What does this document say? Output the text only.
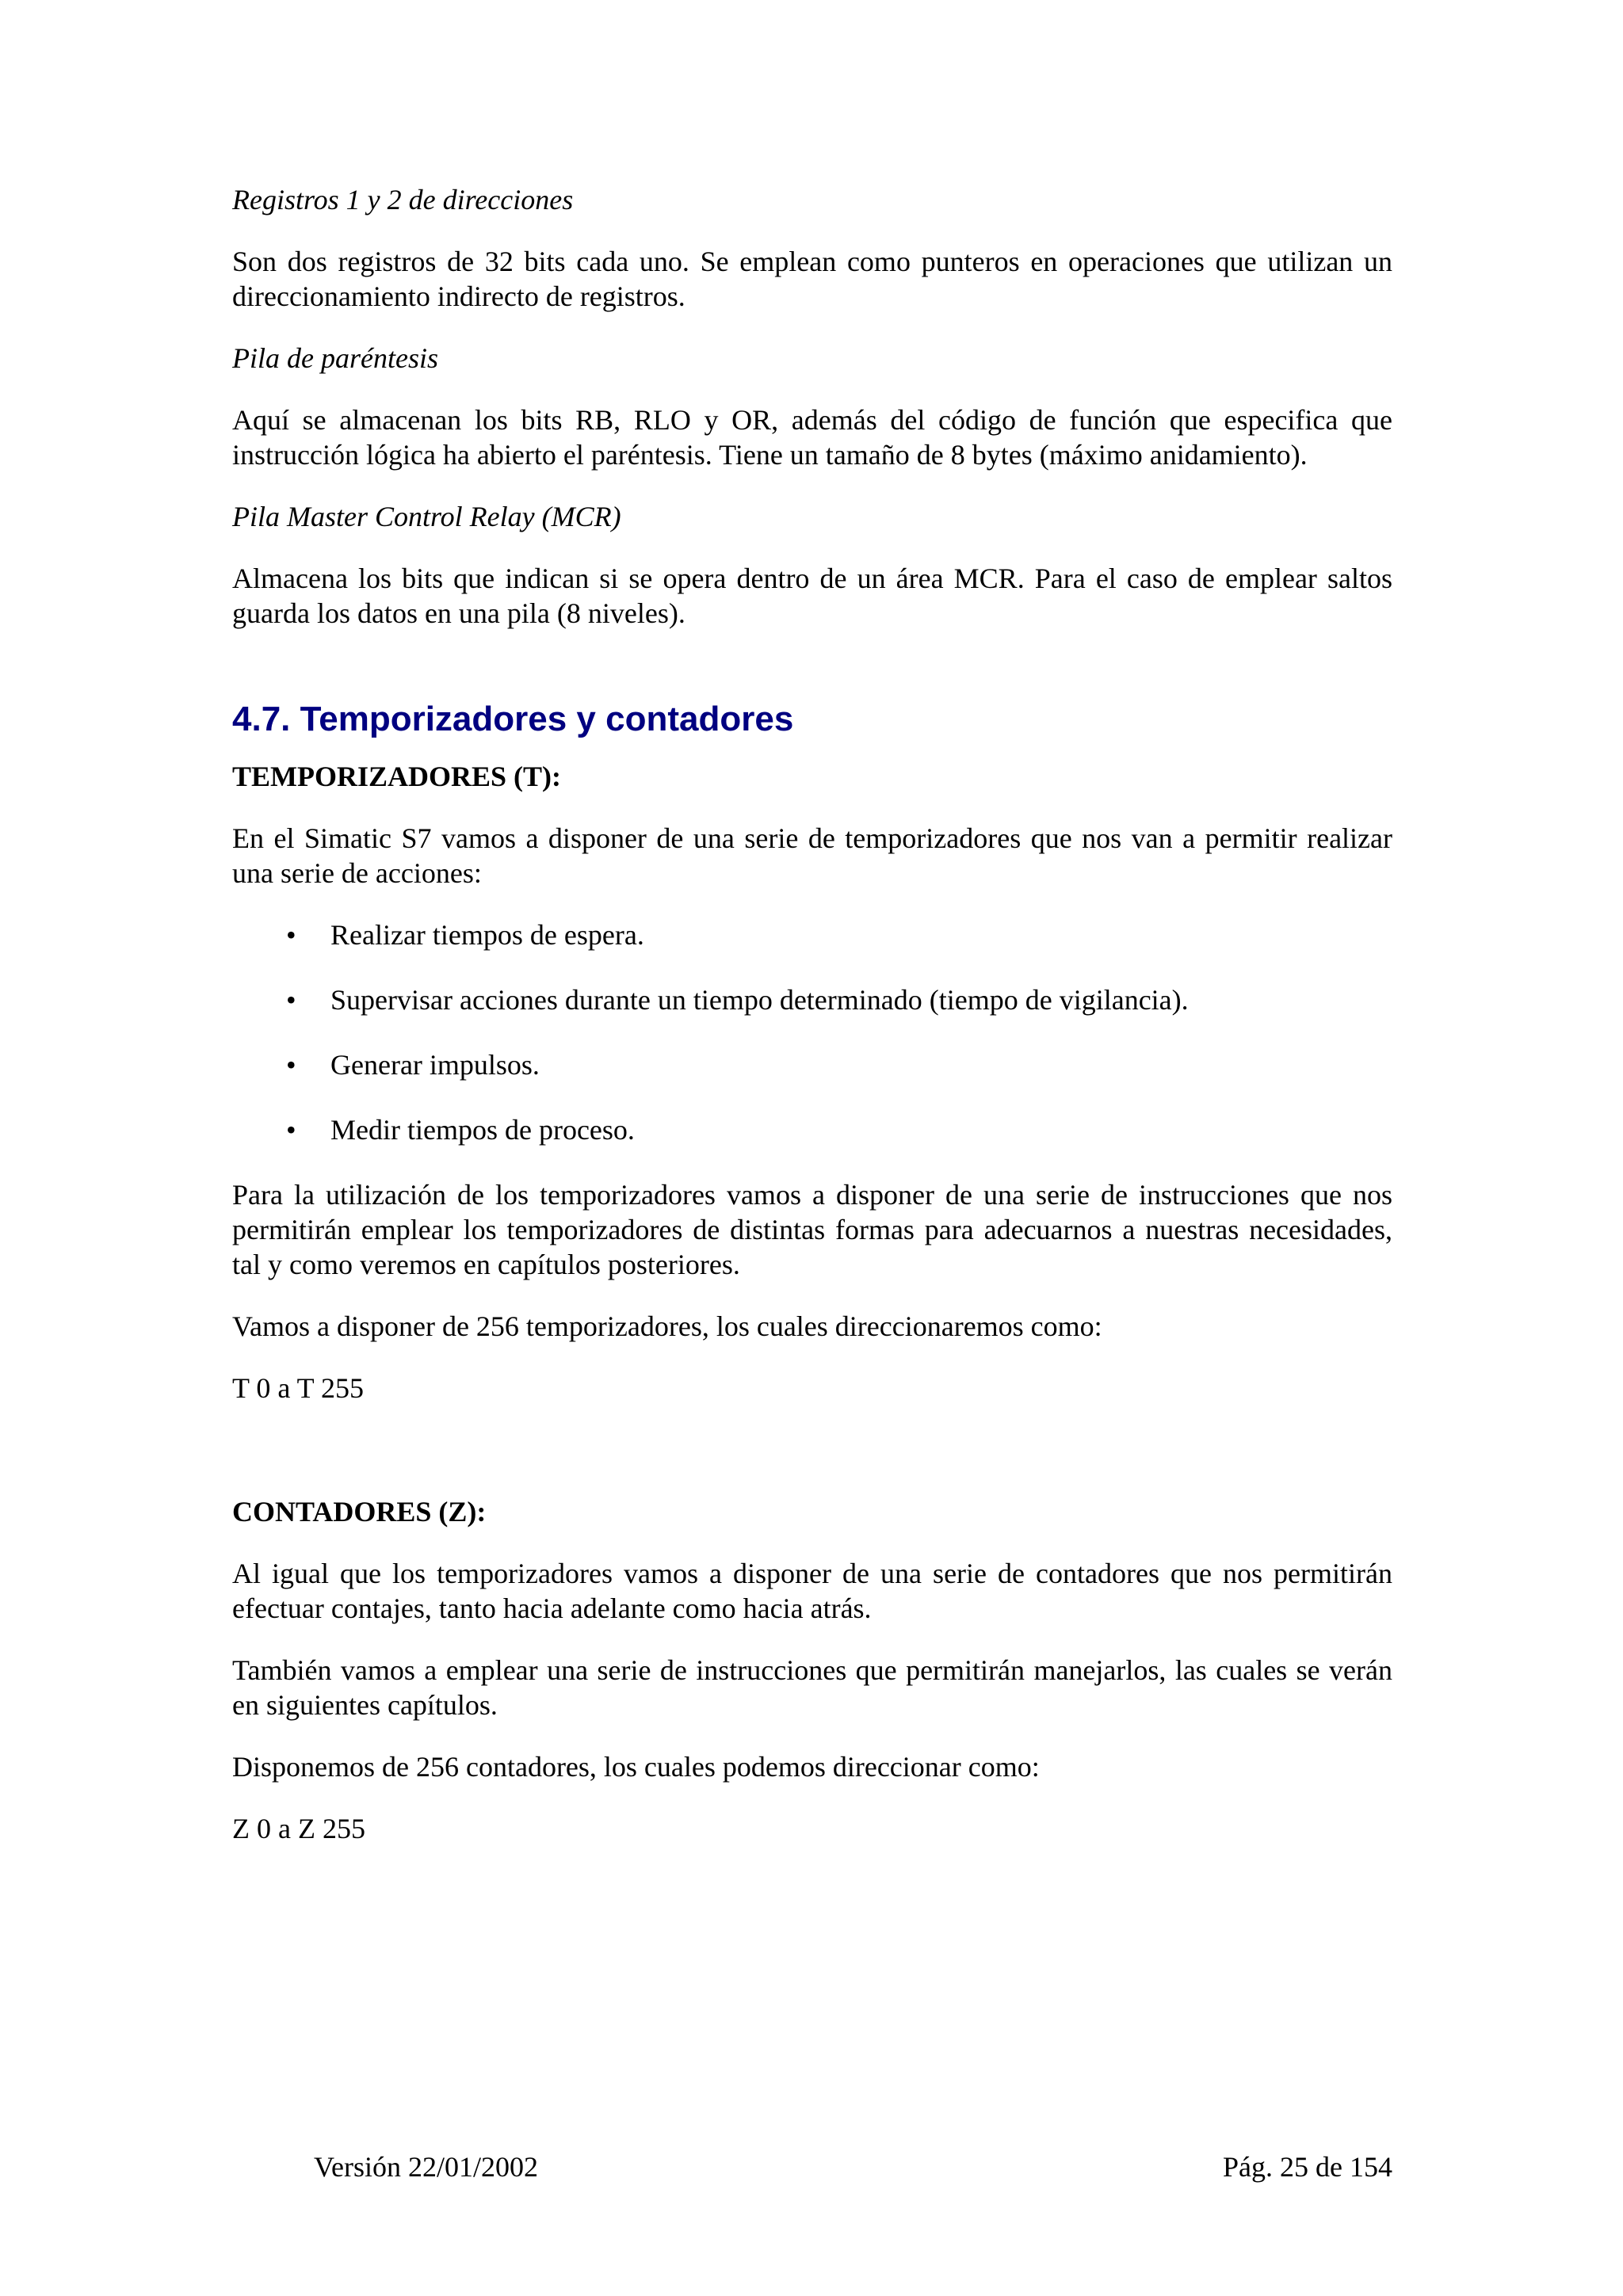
Registros 1 y 2 de direcciones

Son dos registros de 32 bits cada uno. Se emplean como punteros en operaciones que utilizan un direccionamiento indirecto de registros.

Pila de paréntesis

Aquí se almacenan los bits RB, RLO y OR, además del código de función que especifica que instrucción lógica ha abierto el paréntesis. Tiene un tamaño de 8 bytes (máximo anidamiento).

Pila Master Control Relay (MCR)

Almacena los bits que indican si se opera dentro de un área MCR. Para el caso de emplear saltos guarda los datos en una pila (8 niveles).

4.7. Temporizadores y contadores

TEMPORIZADORES (T):

En el Simatic S7 vamos a disponer de una serie de temporizadores que nos van a permitir realizar una serie de acciones:

• Realizar tiempos de espera.
• Supervisar acciones durante un tiempo determinado (tiempo de vigilancia).
• Generar impulsos.
• Medir tiempos de proceso.

Para la utilización de los temporizadores vamos a disponer de una serie de instrucciones que nos permitirán emplear los temporizadores de distintas formas para adecuarnos a nuestras necesidades, tal y como veremos en capítulos posteriores.

Vamos a disponer de 256 temporizadores, los cuales direccionaremos como:

T 0 a T 255

CONTADORES (Z):

Al igual que los temporizadores vamos a disponer de una serie de contadores que nos permitirán efectuar contajes, tanto hacia adelante como hacia atrás.

También vamos a emplear una serie de instrucciones que permitirán manejarlos, las cuales se verán en siguientes capítulos.

Disponemos de 256 contadores, los cuales podemos direccionar como:

Z 0 a Z 255

Versión 22/01/2002	Pág. 25 de 154
